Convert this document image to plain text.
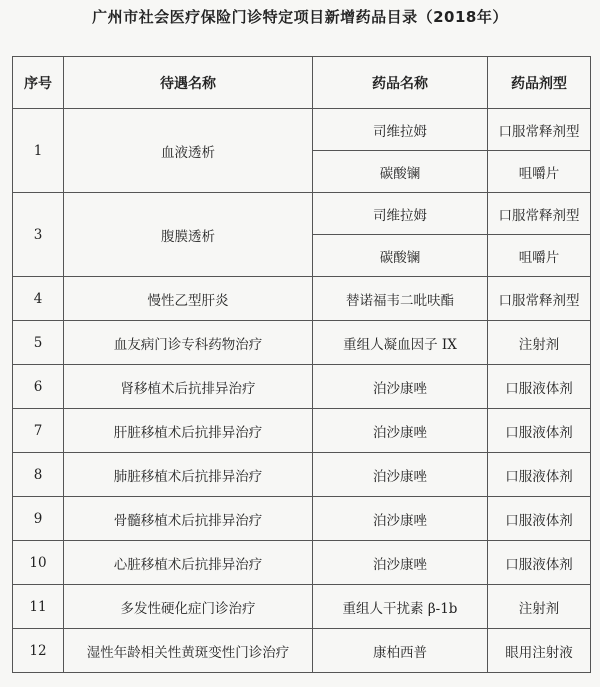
广州市社会医疗保险门诊特定项目新增药品目录（2018年）
序号	待遇名称	药品名称	药品剂型
1	血液透析	司维拉姆	口服常释剂型
		碳酸镧	咀嚼片
3	腹膜透析	司维拉姆	口服常释剂型
		碳酸镧	咀嚼片
4	慢性乙型肝炎	替诺福韦二吡呋酯	口服常释剂型
5	血友病门诊专科药物治疗	重组人凝血因子 IX	注射剂
6	肾移植术后抗排异治疗	泊沙康唑	口服液体剂
7	肝脏移植术后抗排异治疗	泊沙康唑	口服液体剂
8	肺脏移植术后抗排异治疗	泊沙康唑	口服液体剂
9	骨髓移植术后抗排异治疗	泊沙康唑	口服液体剂
10	心脏移植术后抗排异治疗	泊沙康唑	口服液体剂
11	多发性硬化症门诊治疗	重组人干扰素 β-1b	注射剂
12	湿性年龄相关性黄斑变性门诊治疗	康柏西普	眼用注射液
